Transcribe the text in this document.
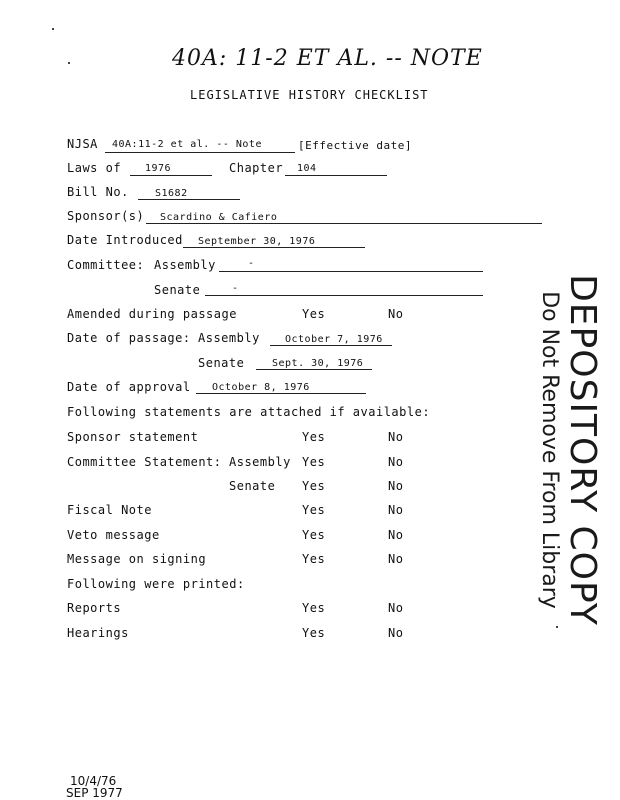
40A: 11-2 ET AL. -- NOTE
LEGISLATIVE HISTORY CHECKLIST
NJSA 40A:11-2 et al. -- Note	[Effective date]
Laws of 1976	Chapter 104
Bill No.	S1682
Sponsor(s) Scardino & Cafiero
Date Introduced September 30, 1976
Committee: Assembly	-
Senate	-
Amended during passage	Yes	No
Date of passage: Assembly	October 7, 1976
Senate	Sept. 30, 1976
Date of approval October 8, 1976
Following statements are attached if available:
Sponsor statement	Yes	No
Committee Statement: Assembly Yes	No
Senate Yes	No
Fiscal Note	Yes	No
Veto message	Yes	No
Message on signing	Yes	No
Following were printed:
Reports	Yes	No
Hearings	Yes	No
DEPOSITORY COPY
Do Not Remove From Library
10/4/76
SEP 1977
